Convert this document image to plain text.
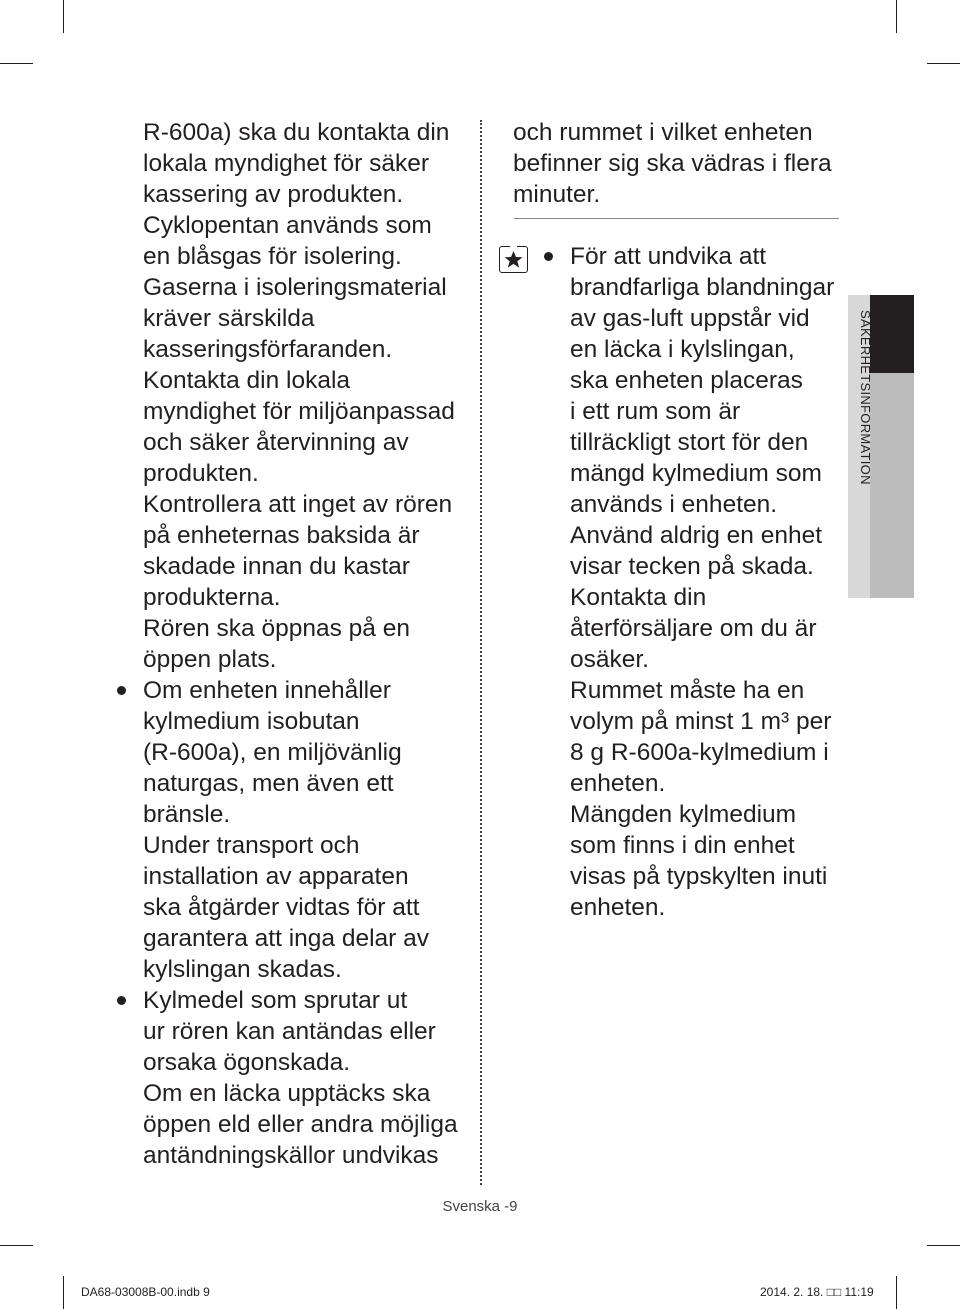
R-600a) ska du kontakta din

lokala myndighet för säker

kassering av produkten.

Cyklopentan används som

en blåsgas för isolering.

Gaserna i isoleringsmaterial

kräver särskilda

kasseringsförfaranden.

Kontakta din lokala

myndighet för miljöanpassad

och säker återvinning av

produkten.

Kontrollera att inget av rören

på enheternas baksida är

skadade innan du kastar

produkterna.

Rören ska öppnas på en

öppen plats.

Om enheten innehåller

kylmedium isobutan

(R-600a), en miljövänlig

naturgas, men även ett

bränsle.

Under transport och

installation av apparaten

ska åtgärder vidtas för att

garantera att inga delar av

kylslingan skadas.

Kylmedel som sprutar ut

ur rören kan antändas eller

orsaka ögonskada.

Om en läcka upptäcks ska

öppen eld eller andra möjliga

antändningskällor undvikas

och rummet i vilket enheten

befinner sig ska vädras i flera

minuter.

För att undvika att

brandfarliga blandningar

av gas-luft uppstår vid

en läcka i kylslingan,

ska enheten placeras

i ett rum som är

tillräckligt stort för den

mängd kylmedium som

används i enheten.

Använd aldrig en enhet

visar tecken på skada.

Kontakta din

återförsäljare om du är

osäker.

Rummet måste ha en

volym på minst 1 m³ per

8 g R-600a-kylmedium i

enheten.

Mängden kylmedium

som finns i din enhet

visas på typskylten inuti

enheten.

SÄKERHETSINFORMATION
Svenska -9
DA68-03008B-00.indb 9	2014. 2. 18. □□ 11:19
